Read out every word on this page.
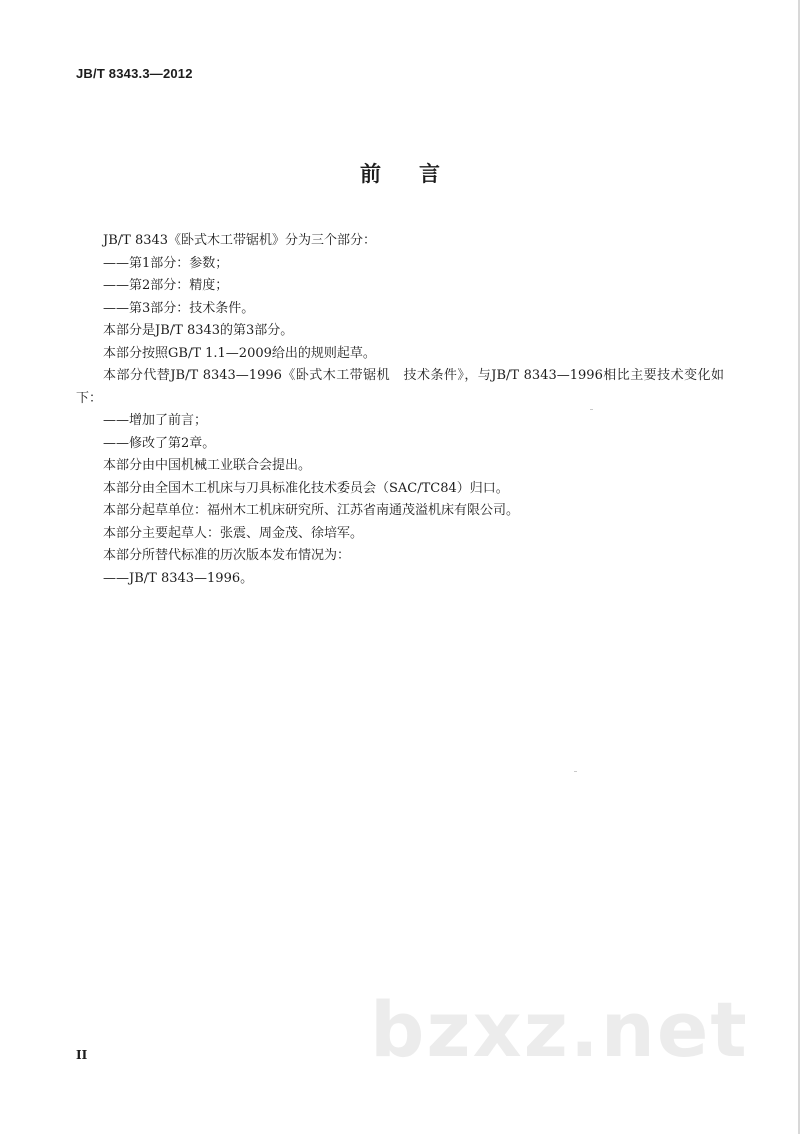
JB/T 8343.3—2012
前言

JB/T 8343《卧式木工带锯机》分为三个部分：

——第1部分：参数；

——第2部分：精度；

——第3部分：技术条件。

本部分是JB/T 8343的第3部分。

本部分按照GB/T 1.1—2009给出的规则起草。

本部分代替JB/T 8343—1996《卧式木工带锯机　技术条件》，与JB/T 8343—1996相比主要技术变化如下：

——增加了前言；

——修改了第2章。

本部分由中国机械工业联合会提出。

本部分由全国木工机床与刀具标准化技术委员会（SAC/TC84）归口。

本部分起草单位：福州木工机床研究所、江苏省南通茂溢机床有限公司。

本部分主要起草人：张震、周金茂、徐培军。

本部分所替代标准的历次版本发布情况为：

——JB/T 8343—1996。

bzxz.net
II
